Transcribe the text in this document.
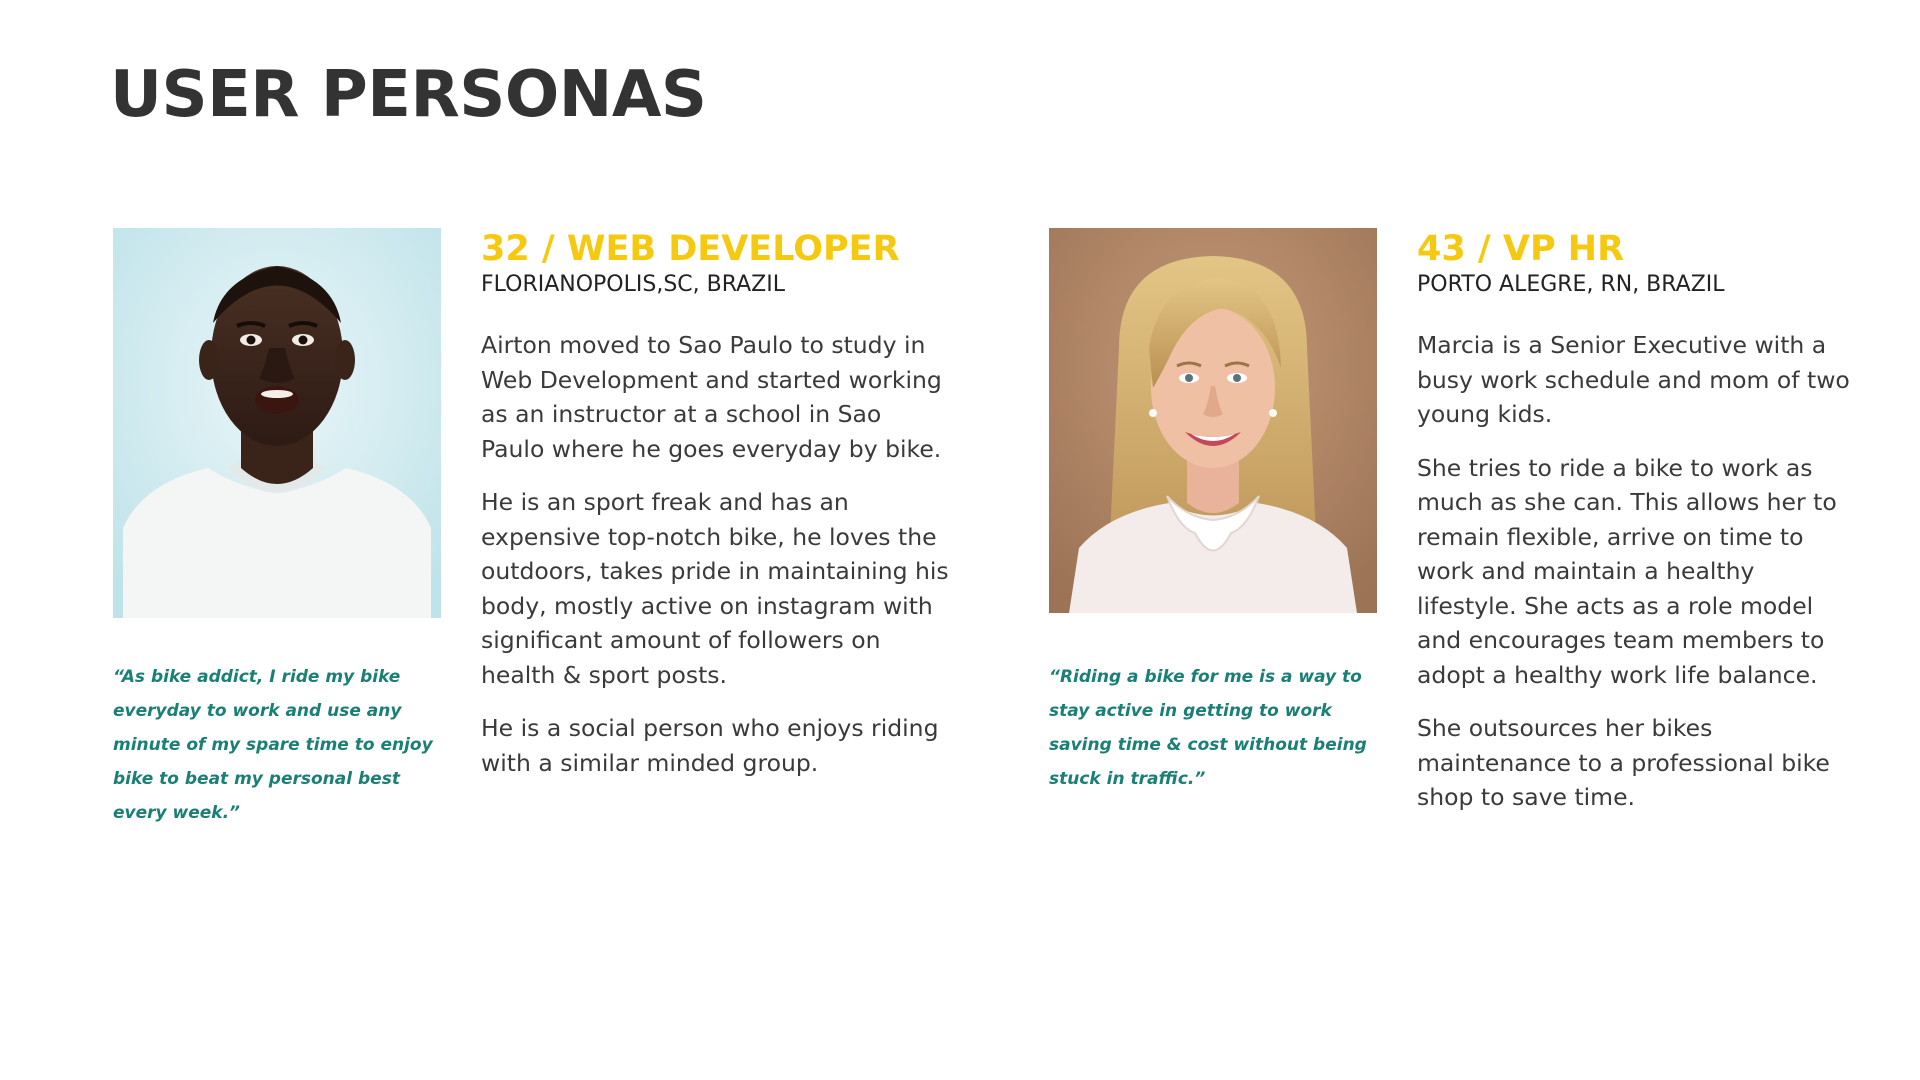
USER PERSONAS

“As bike addict, I ride my bike everyday to work and use any minute of my spare time to enjoy bike to beat my personal best every week.”

32 / WEB DEVELOPER

FLORIANOPOLIS,SC, BRAZIL

Airton moved to Sao Paulo to study in Web Development and started working as an instructor at a school in Sao Paulo where he goes everyday by bike.

He is an sport freak and has an expensive top-notch bike, he loves the outdoors, takes pride in maintaining his body, mostly active on instagram with significant amount of followers on health & sport posts.

He is a social person who enjoys riding with a similar minded group.

“Riding a bike for me is a way to stay active in getting to work saving time & cost without being stuck in traffic.”

43 / VP HR

PORTO ALEGRE, RN, BRAZIL

Marcia is a Senior Executive with a busy work schedule and mom of two young kids.

She tries to ride a bike to work as much as she can. This allows her to remain flexible, arrive on time to work and maintain a healthy lifestyle. She acts as a role model and encourages team members to adopt a healthy work life balance.

She outsources her bikes maintenance to a professional bike shop to save time.
